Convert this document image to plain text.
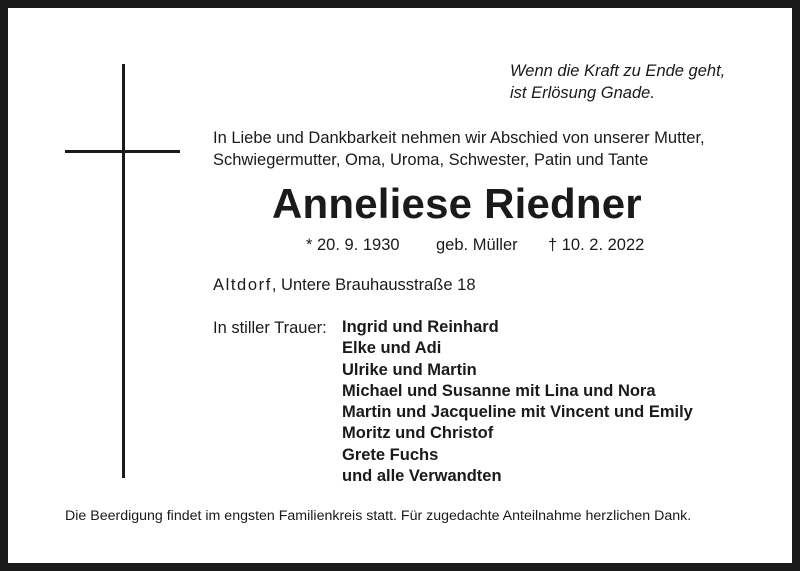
Wenn die Kraft zu Ende geht,
ist Erlösung Gnade.
In Liebe und Dankbarkeit nehmen wir Abschied von unserer Mutter,
Schwiegermutter, Oma, Uroma, Schwester, Patin und Tante
Anneliese Riedner
* 20. 9. 1930 geb. Müller † 10. 2. 2022
Altdorf, Untere Brauhausstraße 18
In stiller Trauer: Ingrid und Reinhard
Elke und Adi
Ulrike und Martin
Michael und Susanne mit Lina und Nora
Martin und Jacqueline mit Vincent und Emily
Moritz und Christof
Grete Fuchs
und alle Verwandten
Die Beerdigung findet im engsten Familienkreis statt. Für zugedachte Anteilnahme herzlichen Dank.
